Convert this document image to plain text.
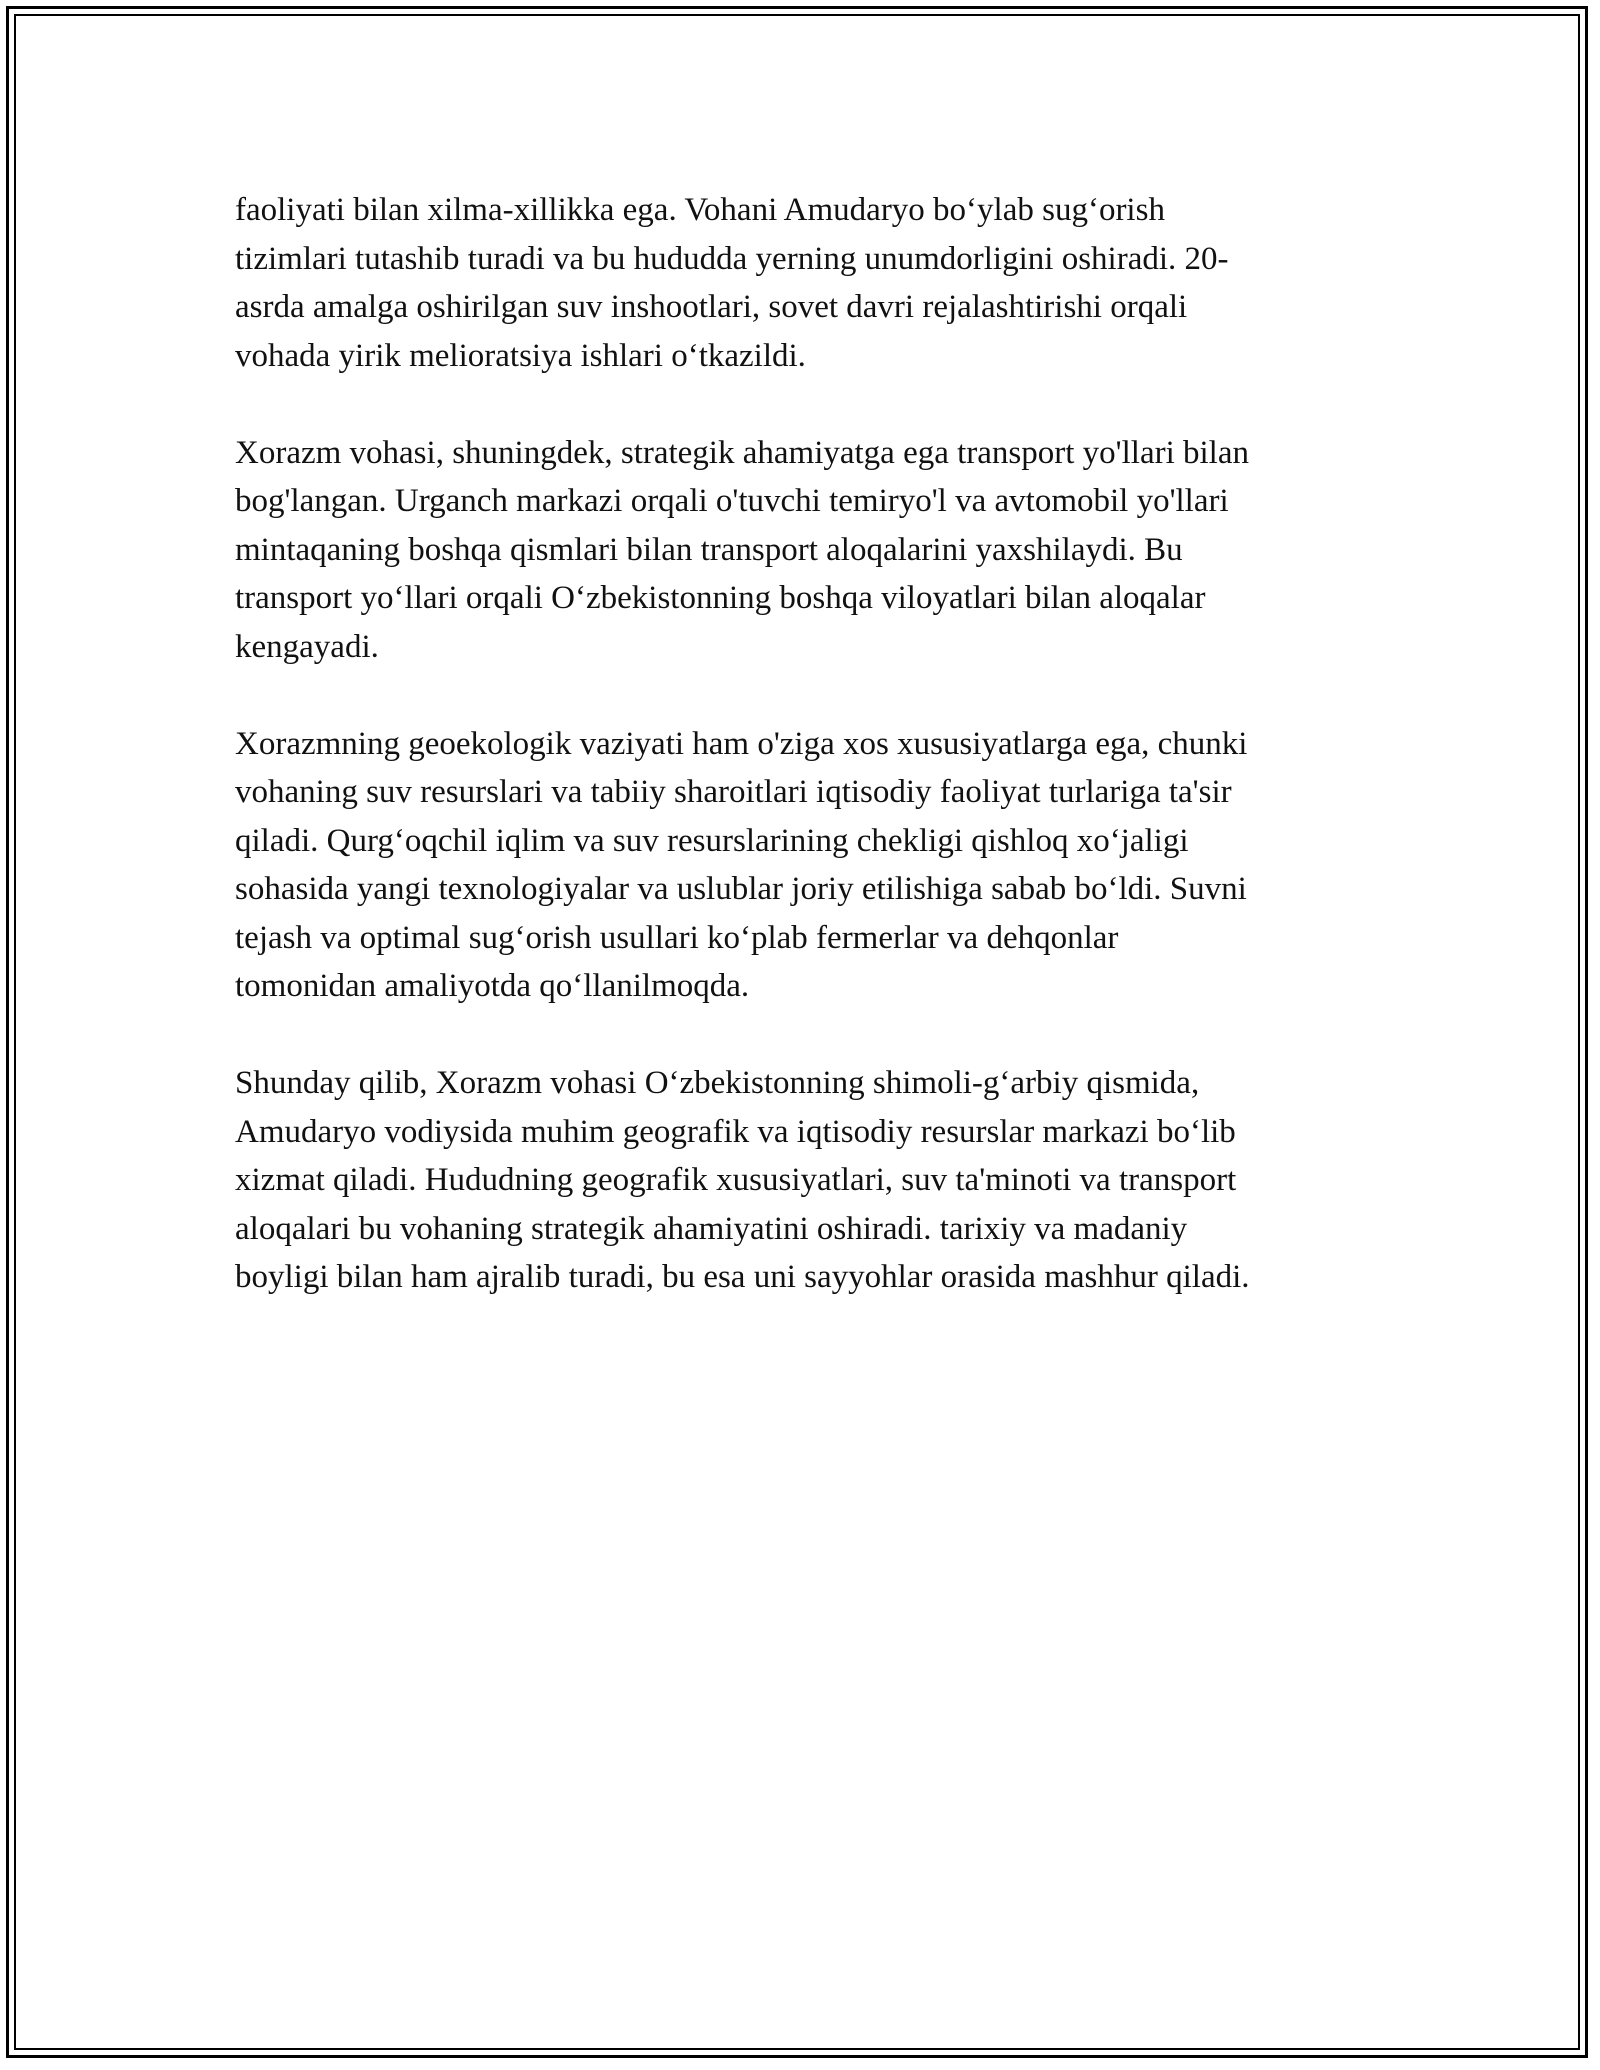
faoliyati bilan xilma-xillikka ega. Vohani Amudaryo bo‘ylab sug‘orish
tizimlari tutashib turadi va bu hududda yerning unumdorligini oshiradi. 20-
asrda amalga oshirilgan suv inshootlari, sovet davri rejalashtirishi orqali
vohada yirik melioratsiya ishlari o‘tkazildi.

Xorazm vohasi, shuningdek, strategik ahamiyatga ega transport yo'llari bilan
bog'langan. Urganch markazi orqali o'tuvchi temiryo'l va avtomobil yo'llari
mintaqaning boshqa qismlari bilan transport aloqalarini yaxshilaydi. Bu
transport yo‘llari orqali O‘zbekistonning boshqa viloyatlari bilan aloqalar
kengayadi.

Xorazmning geoekologik vaziyati ham o'ziga xos xususiyatlarga ega, chunki
vohaning suv resurslari va tabiiy sharoitlari iqtisodiy faoliyat turlariga ta'sir
qiladi. Qurg‘oqchil iqlim va suv resurslarining chekligi qishloq xo‘jaligi
sohasida yangi texnologiyalar va uslublar joriy etilishiga sabab bo‘ldi. Suvni
tejash va optimal sug‘orish usullari ko‘plab fermerlar va dehqonlar
tomonidan amaliyotda qo‘llanilmoqda.

Shunday qilib, Xorazm vohasi O‘zbekistonning shimoli-g‘arbiy qismida,
Amudaryo vodiysida muhim geografik va iqtisodiy resurslar markazi bo‘lib
xizmat qiladi. Hududning geografik xususiyatlari, suv ta'minoti va transport
aloqalari bu vohaning strategik ahamiyatini oshiradi. tarixiy va madaniy
boyligi bilan ham ajralib turadi, bu esa uni sayyohlar orasida mashhur qiladi.
